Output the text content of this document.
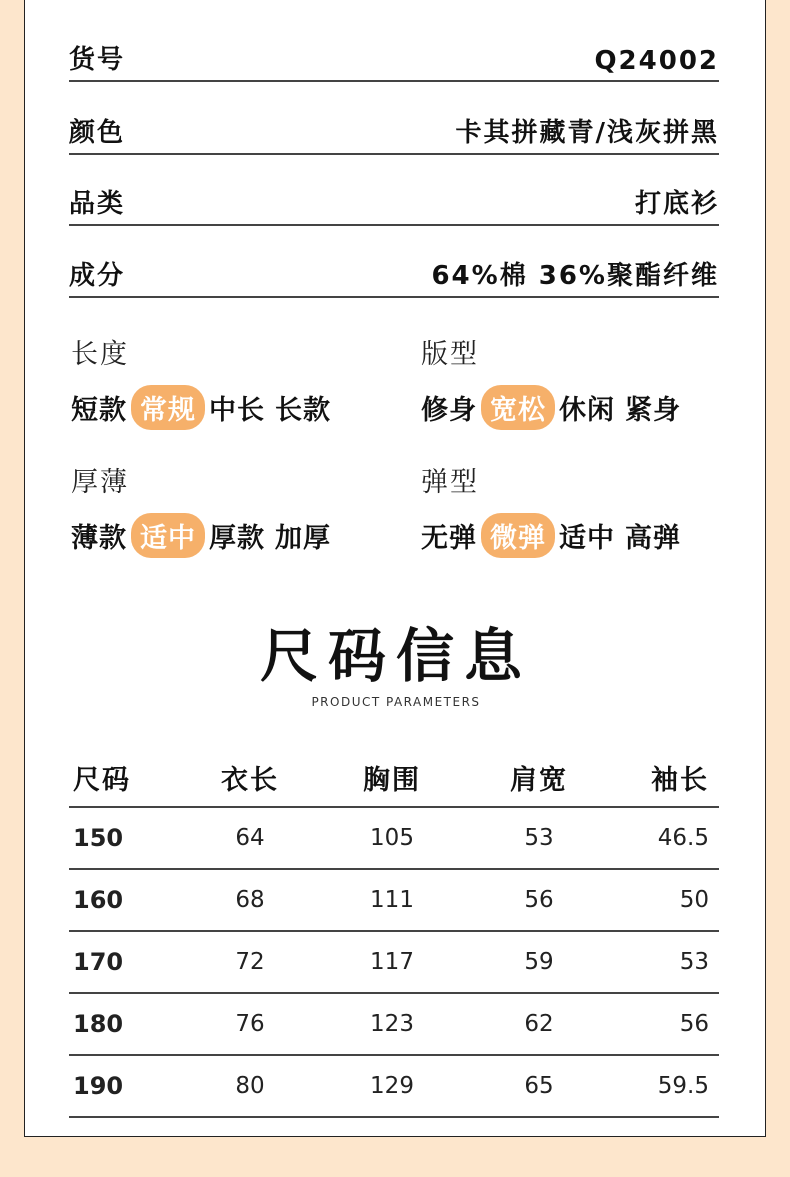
货号	Q24002
颜色	卡其拼藏青/浅灰拼黑
品类	打底衫
成分	64%棉 36%聚酯纤维
长度
短款 常规 中长 长款
版型
修身 宽松 休闲 紧身
厚薄
薄款 适中 厚款 加厚
弹型
无弹 微弹 适中 高弹
尺码信息
PRODUCT PARAMETERS
尺码	衣长	胸围	肩宽	袖长
150	64	105	53	46.5
160	68	111	56	50
170	72	117	59	53
180	76	123	62	56
190	80	129	65	59.5
